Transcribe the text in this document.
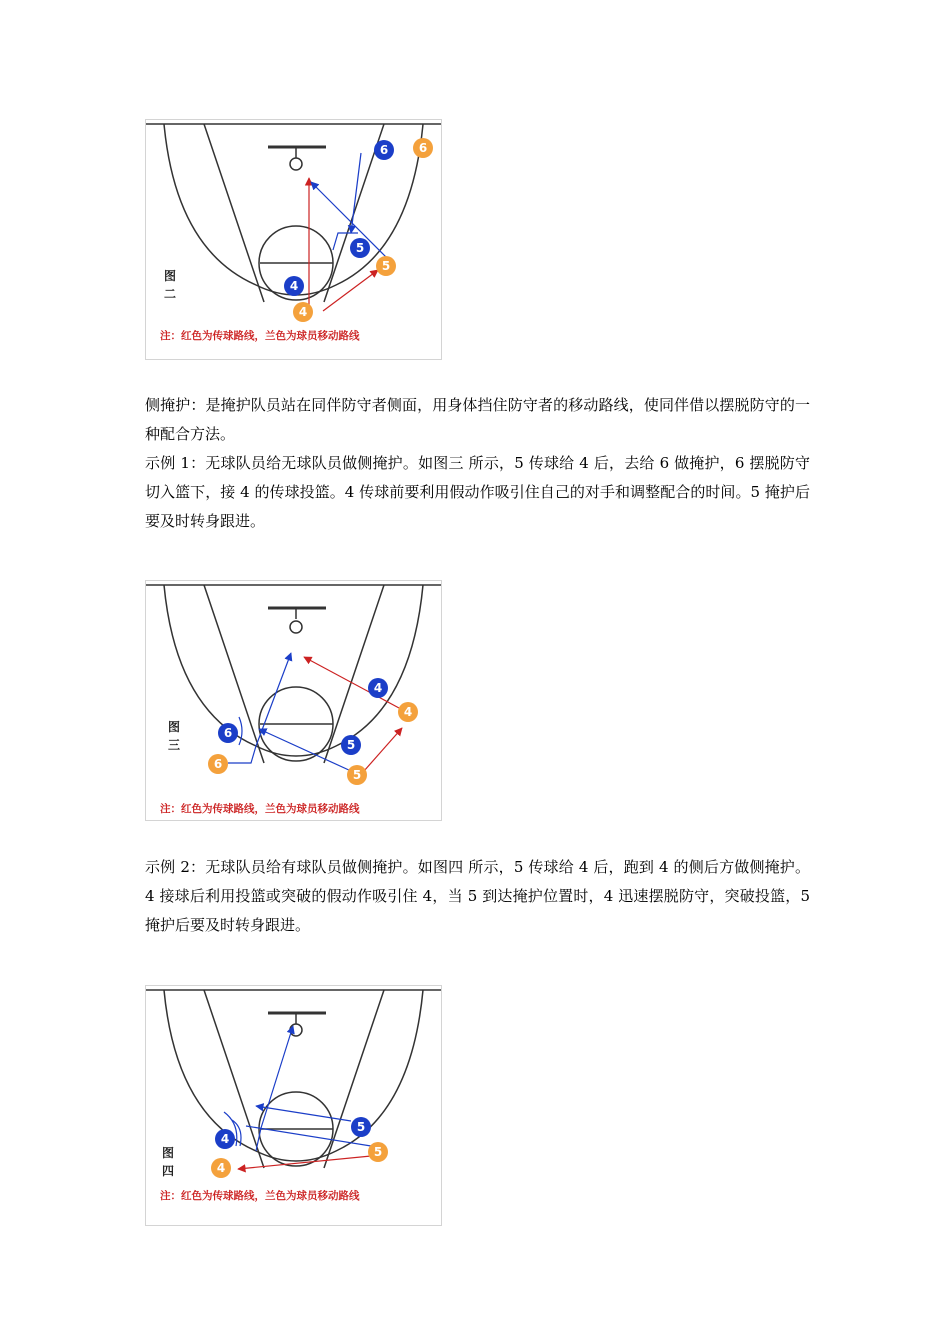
6	6
5
5
4
4
图
二
注：红色为传球路线，兰色为球员移动路线

侧掩护：是掩护队员站在同伴防守者侧面，用身体挡住防守者的移动路线，使同伴借以摆脱防守的一种配合方法。

示例 1：无球队员给无球队员做侧掩护。如图三 所示，5 传球给 4 后，去给 6 做掩护，6 摆脱防守切入篮下，接 4 的传球投篮。4 传球前要利用假动作吸引住自己的对手和调整配合的时间。5 掩护后要及时转身跟进。

4
4
6
6
5
5
图
三
注：红色为传球路线，兰色为球员移动路线

示例 2：无球队员给有球队员做侧掩护。如图四 所示，5 传球给 4 后，跑到 4 的侧后方做侧掩护。4 接球后利用投篮或突破的假动作吸引住 4，当 5 到达掩护位置时，4 迅速摆脱防守，突破投篮，5 掩护后要及时转身跟进。

5
5
4
4
图
四
注：红色为传球路线，兰色为球员移动路线
